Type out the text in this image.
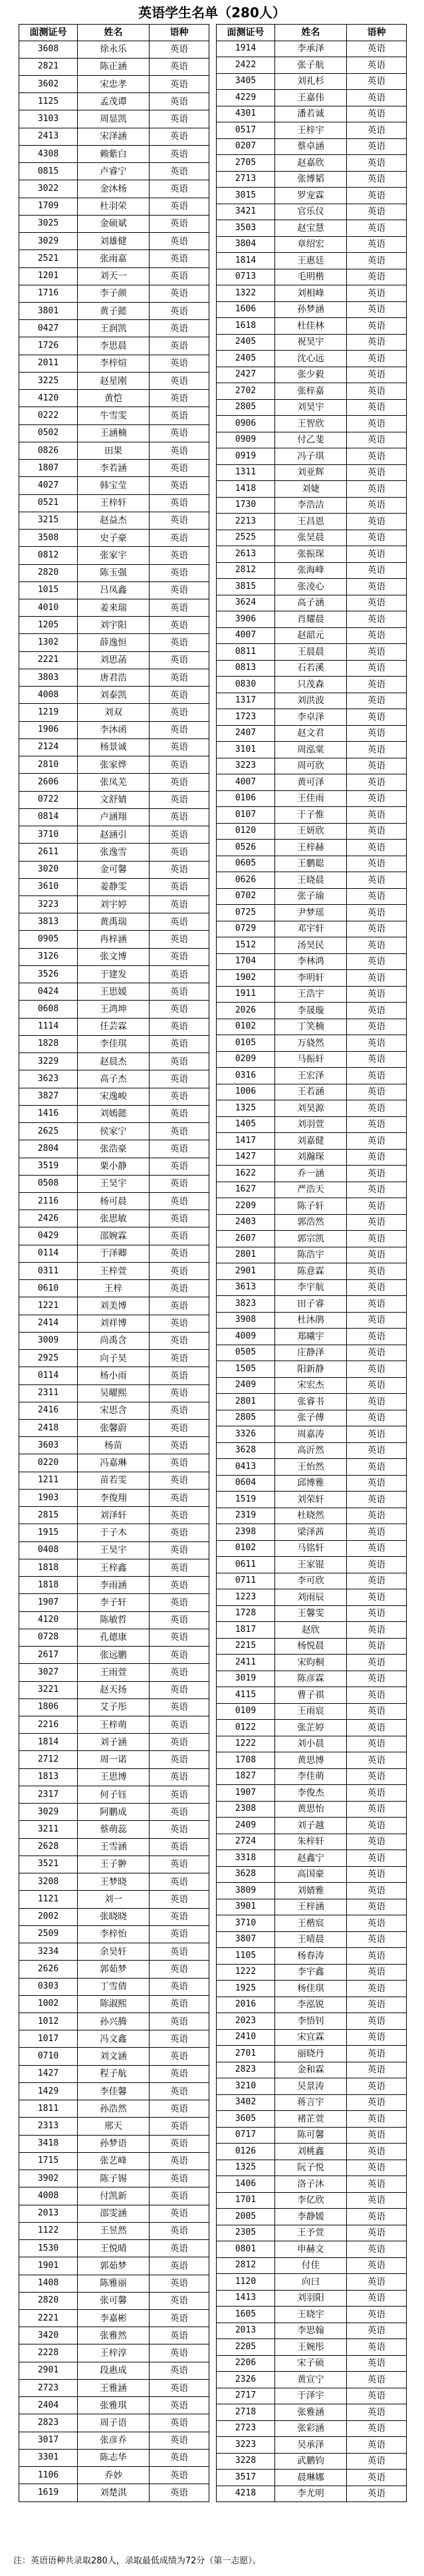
英语学生名单（280人）
面测证号	姓名	语种
3608	徐永乐	英语
2821	陈正涵	英语
3602	宋忠孝	英语
1125	孟茂谭	英语
3103	周显凯	英语
2413	宋泽涵	英语
4308	赖紫白	英语
0815	卢睿宁	英语
3022	金沐杨	英语
1709	杜羽荣	英语
3025	金硕斌	英语
3029	刘雄健	英语
2521	张雨嘉	英语
1201	刘天一	英语
1716	李子颜	英语
3801	黄子懿	英语
0427	王润凯	英语
1726	李思晨	英语
2011	李梓煊	英语
3225	赵星刚	英语
4120	黄恺	英语
0222	牛雪雯	英语
0502	王涵楠	英语
0826	田果	英语
1807	李若涵	英语
4027	韩宝莹	英语
0521	王梓轩	英语
3215	赵益杰	英语
3508	史子豪	英语
0812	张家宇	英语
2820	陈玉强	英语
1015	吕凤鑫	英语
4010	姜来瑞	英语
1205	刘宇阳	英语
1302	薛逸恒	英语
2221	刘思菡	英语
3803	唐君浩	英语
4008	刘泰凯	英语
1219	刘双	英语
1906	李沐函	英语
2124	杨景诚	英语
2810	张家烨	英语
2606	张凤芜	英语
0722	文舒婧	英语
0814	卢涵翔	英语
3710	赵涵引	英语
2611	张逸雪	英语
3020	金可馨	英语
3610	姜静雯	英语
3223	刘宇婷	英语
3813	黄禹瑞	英语
0905	冉梓涵	英语
3126	张文博	英语
3526	于建发	英语
0424	王思媛	英语
0608	王鸿坤	英语
1114	任芸霖	英语
1828	李佳琪	英语
3229	赵晨杰	英语
3623	高子杰	英语
3827	宋逸峻	英语
1416	刘嫣懿	英语
2625	侯家宁	英语
2804	张浩豪	英语
3519	栗小静	英语
0508	王昊宇	英语
2116	杨可晨	英语
2426	张思敏	英语
0429	邵婉霖	英语
0114	于泽卿	英语
0311	王梓萱	英语
0610	王梓	英语
1221	刘美博	英语
2414	刘祥博	英语
3009	尚禹含	英语
2925	向子昊	英语
0114	杨小雨	英语
2311	吴曜熙	英语
2416	宋思含	英语
2418	张馨蔚	英语
3603	杨苗	英语
0220	冯嘉琳	英语
1211	苗若雯	英语
1903	李俊翔	英语
2815	刘泽轩	英语
1915	于子木	英语
0408	王昊宇	英语
1818	王梓鑫	英语
1818	李雨涵	英语
1907	李子轩	英语
4120	陈敏哲	英语
0728	孔德康	英语
2617	张远鹏	英语
3027	王雨萱	英语
3221	赵天扬	英语
1806	艾子彤	英语
2216	王梓萌	英语
1814	刘子涵	英语
2712	周一诺	英语
1813	王思博	英语
2317	何子钰	英语
3029	阿鹏成	英语
3211	蔡萌蕊	英语
2628	王雪涵	英语
3521	王子翀	英语
3208	王梦晓	英语
1121	刘一	英语
2002	张晓晓	英语
2509	李梓怡	英语
3234	余昊轩	英语
2626	郭茹梦	英语
0303	丁雪倩	英语
1002	陈淑熙	英语
1012	孙兴腾	英语
1017	冯文鑫	英语
0710	刘文涵	英语
1427	程子航	英语
1429	李佳馨	英语
1811	孙浩然	英语
2313	邢天	英语
3418	孙梦语	英语
1715	张艺峰	英语
3902	陈子锡	英语
4008	付凯新	英语
2013	邵雯涵	英语
1122	王昱然	英语
1530	王悦晴	英语
1901	郭茹梦	英语
1408	陈雅丽	英语
2820	张可馨	英语
2221	李嘉彬	英语
3420	张雅然	英语
2228	王梓淳	英语
2901	段惠成	英语
2723	王雅涵	英语
2404	张雅琪	英语
2823	周子语	英语
3017	张彦乔	英语
3301	陈志华	英语
1106	乔妙	英语
1619	刘楚淇	英语
面测证号	姓名	语种
1914	李承泽	英语
2422	张子航	英语
3405	刘礼杉	英语
4229	王嘉伟	英语
4301	潘若诚	英语
0517	王梓宇	英语
0207	蔡卓涵	英语
2705	赵嘉欣	英语
2713	张博韬	英语
3015	罗宠霖	英语
3421	官乐仪	英语
3503	赵宝慧	英语
3804	章绍宏	英语
1814	王惠廷	英语
0713	毛明楷	英语
1322	刘相峰	英语
1606	孙梦涵	英语
1618	杜佳林	英语
2405	祝昊宇	英语
2405	沈心远	英语
2427	张少毅	英语
2702	张梓嘉	英语
2805	刘昊宇	英语
0906	王智欣	英语
0909	付乙斐	英语
0919	冯子琪	英语
1311	刘亚辉	英语
1418	刘婕	英语
1730	李浩洁	英语
2213	王昌恩	英语
2525	张昊晨	英语
2613	张振琛	英语
2812	张海峰	英语
3815	张凌心	英语
3624	高子涵	英语
3906	肖耀晨	英语
4007	赵韶元	英语
0811	王晨晨	英语
0813	石若溪	英语
0830	只茂森	英语
1317	刘洪波	英语
1723	李卓泽	英语
2407	赵文君	英语
3101	周泓棠	英语
3223	周可欣	英语
4007	黄可泽	英语
0106	王佳雨	英语
0107	于子惟	英语
0120	王妍欣	英语
0526	王梓赫	英语
0605	王鹏聪	英语
0626	王晓晨	英语
0702	张子瑜	英语
0725	尹梦瑶	英语
0729	邓宇轩	英语
1512	汤昊民	英语
1704	李林鸿	英语
1902	李明轩	英语
1911	王浩宇	英语
2026	李晟璇	英语
0102	丁笑楠	英语
0105	万骁然	英语
0209	马振轩	英语
0316	王宏泽	英语
1006	王若涵	英语
1325	刘昊源	英语
1405	刘羽萱	英语
1417	刘嘉健	英语
1427	刘瀚琛	英语
1622	乔一涵	英语
1627	严浩天	英语
2209	陈子轩	英语
2403	郭浩然	英语
2607	郭宗凯	英语
2801	陈浩宇	英语
2901	陈意霖	英语
3613	李宇航	英语
3823	田子睿	英语
3908	杜沐鹃	英语
4009	郑曦宇	英语
0505	庄静泽	英语
1505	阳新静	英语
2409	宋宏杰	英语
2801	张睿书	英语
2805	张子傅	英语
3326	周嘉涛	英语
3628	高沂然	英语
0413	王怡然	英语
0604	邱博雅	英语
1519	刘荣轩	英语
2319	杜晓然	英语
2398	梁泽茜	英语
0102	马铭轩	英语
0611	王家锟	英语
0711	李可欣	英语
1223	刘雨辰	英语
1728	王馨雯	英语
1817	赵欣	英语
2215	杨悦晨	英语
2411	宋昀桐	英语
3019	陈彦霖	英语
4115	曹子祺	英语
0109	王雨宸	英语
0122	张芷婷	英语
1222	刘小晨	英语
1708	黄思博	英语
1827	李佳萌	英语
1907	李俊杰	英语
2308	黄思怡	英语
2409	刘子越	英语
2724	朱梓轩	英语
3318	赵鑫宁	英语
3628	高国豪	英语
3809	刘婧雅	英语
3901	王梓涵	英语
3710	王楷宸	英语
3807	王晴晨	英语
1105	杨春涛	英语
1222	李宇鑫	英语
1925	杨佳琪	英语
2016	李泓锐	英语
2023	李悟钊	英语
2410	宋宜霖	英语
2701	丽晓丹	英语
2823	金和霖	英语
3210	吴景涛	英语
3402	蒋言宇	英语
3605	褚芷萱	英语
0717	陈可馨	英语
0126	刘桃鑫	英语
1325	阮子悦	英语
1406	洛子沐	英语
1701	李亿欣	英语
2005	李静媛	英语
2305	王予萱	英语
0801	申赫文	英语
2812	付佳	英语
1120	向曰	英语
1413	刘羽阳	英语
1605	王晓宇	英语
2013	李思翰	英语
2205	王婉彤	英语
2206	宋子硕	英语
2326	黄宣宁	英语
2717	于泽宇	英语
2718	张雅涵	英语
2723	张彩涵	英语
3223	吴承泽	英语
3228	武鹏钧	英语
3517	晨琳娜	英语
4218	李尤明	英语
注：英语语种共录取280人，录取最低成绩为72分（第一志愿）。
